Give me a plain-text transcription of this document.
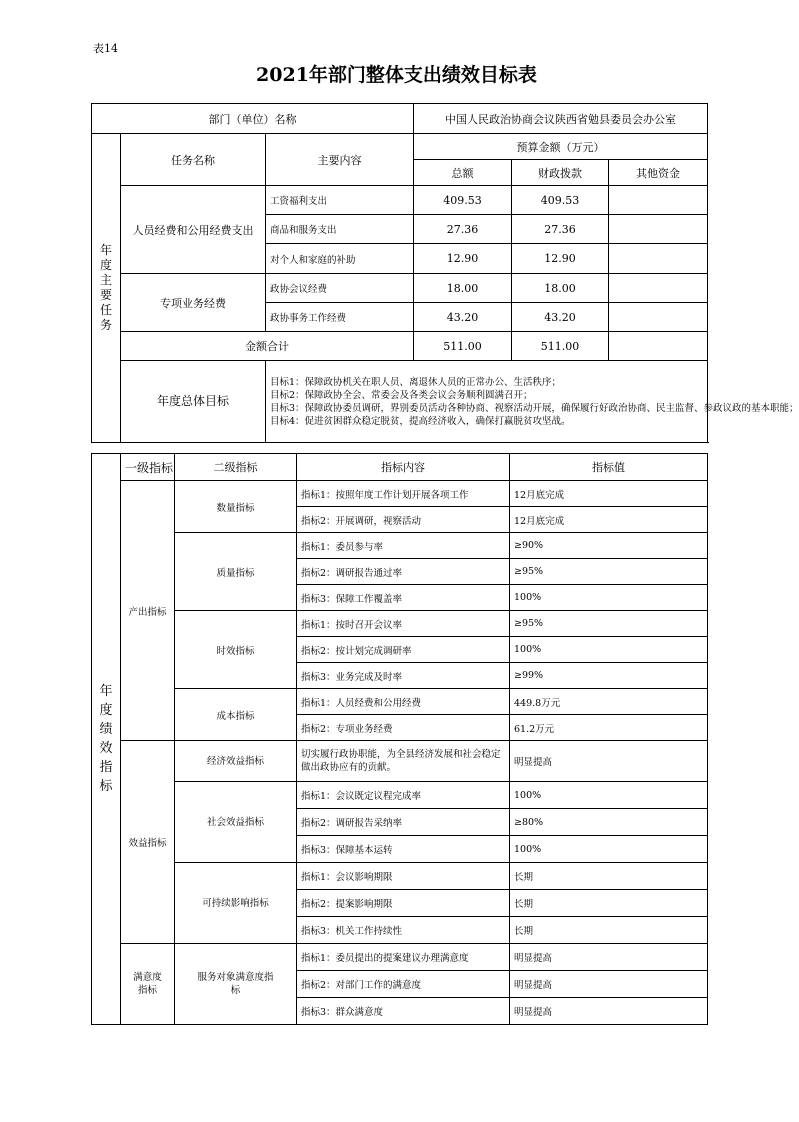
表14
2021年部门整体支出绩效目标表
部门（单位）名称			中国人民政治协商会议陕西省勉县委员会办公室		
年度主要任务	任务名称	主要内容	预算金额（万元）		
			总额	财政拨款	其他资金
	人员经费和公用经费支出	工资福利支出	409.53	409.53	
		商品和服务支出	27.36	27.36	
		对个人和家庭的补助	12.90	12.90	
	专项业务经费	政协会议经费	18.00	18.00	
		政协事务工作经费	43.20	43.20	
	金额合计		511.00	511.00	
	年度总体目标	目标1：保障政协机关在职人员、离退休人员的正常办公、生活秩序；
目标2：保障政协全会、常委会及各类会议会务顺利圆满召开；
目标3：保障政协委员调研，界别委员活动各种协商、视察活动开展，确保履行好政治协商、民主监督、参政议政的基本职能；
目标4：促进贫困群众稳定脱贫，提高经济收入，确保打赢脱贫攻坚战。			
年度绩效指标	一级指标	二级指标	指标内容	指标值
	产出指标	数量指标	指标1：按照年度工作计划开展各项工作	12月底完成
			指标2：开展调研，视察活动	12月底完成
		质量指标	指标1：委员参与率	≥90%
			指标2：调研报告通过率	≥95%
			指标3：保障工作覆盖率	100%
		时效指标	指标1：按时召开会议率	≥95%
			指标2：按计划完成调研率	100%
			指标3：业务完成及时率	≥99%
		成本指标	指标1：人员经费和公用经费	449.8万元
			指标2：专项业务经费	61.2万元
	效益指标	经济效益指标	切实履行政协职能，为全县经济发展和社会稳定做出政协应有的贡献。	明显提高
		社会效益指标	指标1：会议既定议程完成率	100%
			指标2：调研报告采纳率	≥80%
			指标3：保障基本运转	100%
		可持续影响指标	指标1：会议影响期限	长期
			指标2：提案影响期限	长期
			指标3：机关工作持续性	长期
	满意度指标	服务对象满意度指标	指标1：委员提出的提案建议办理满意度	明显提高
			指标2：对部门工作的满意度	明显提高
			指标3：群众满意度	明显提高
